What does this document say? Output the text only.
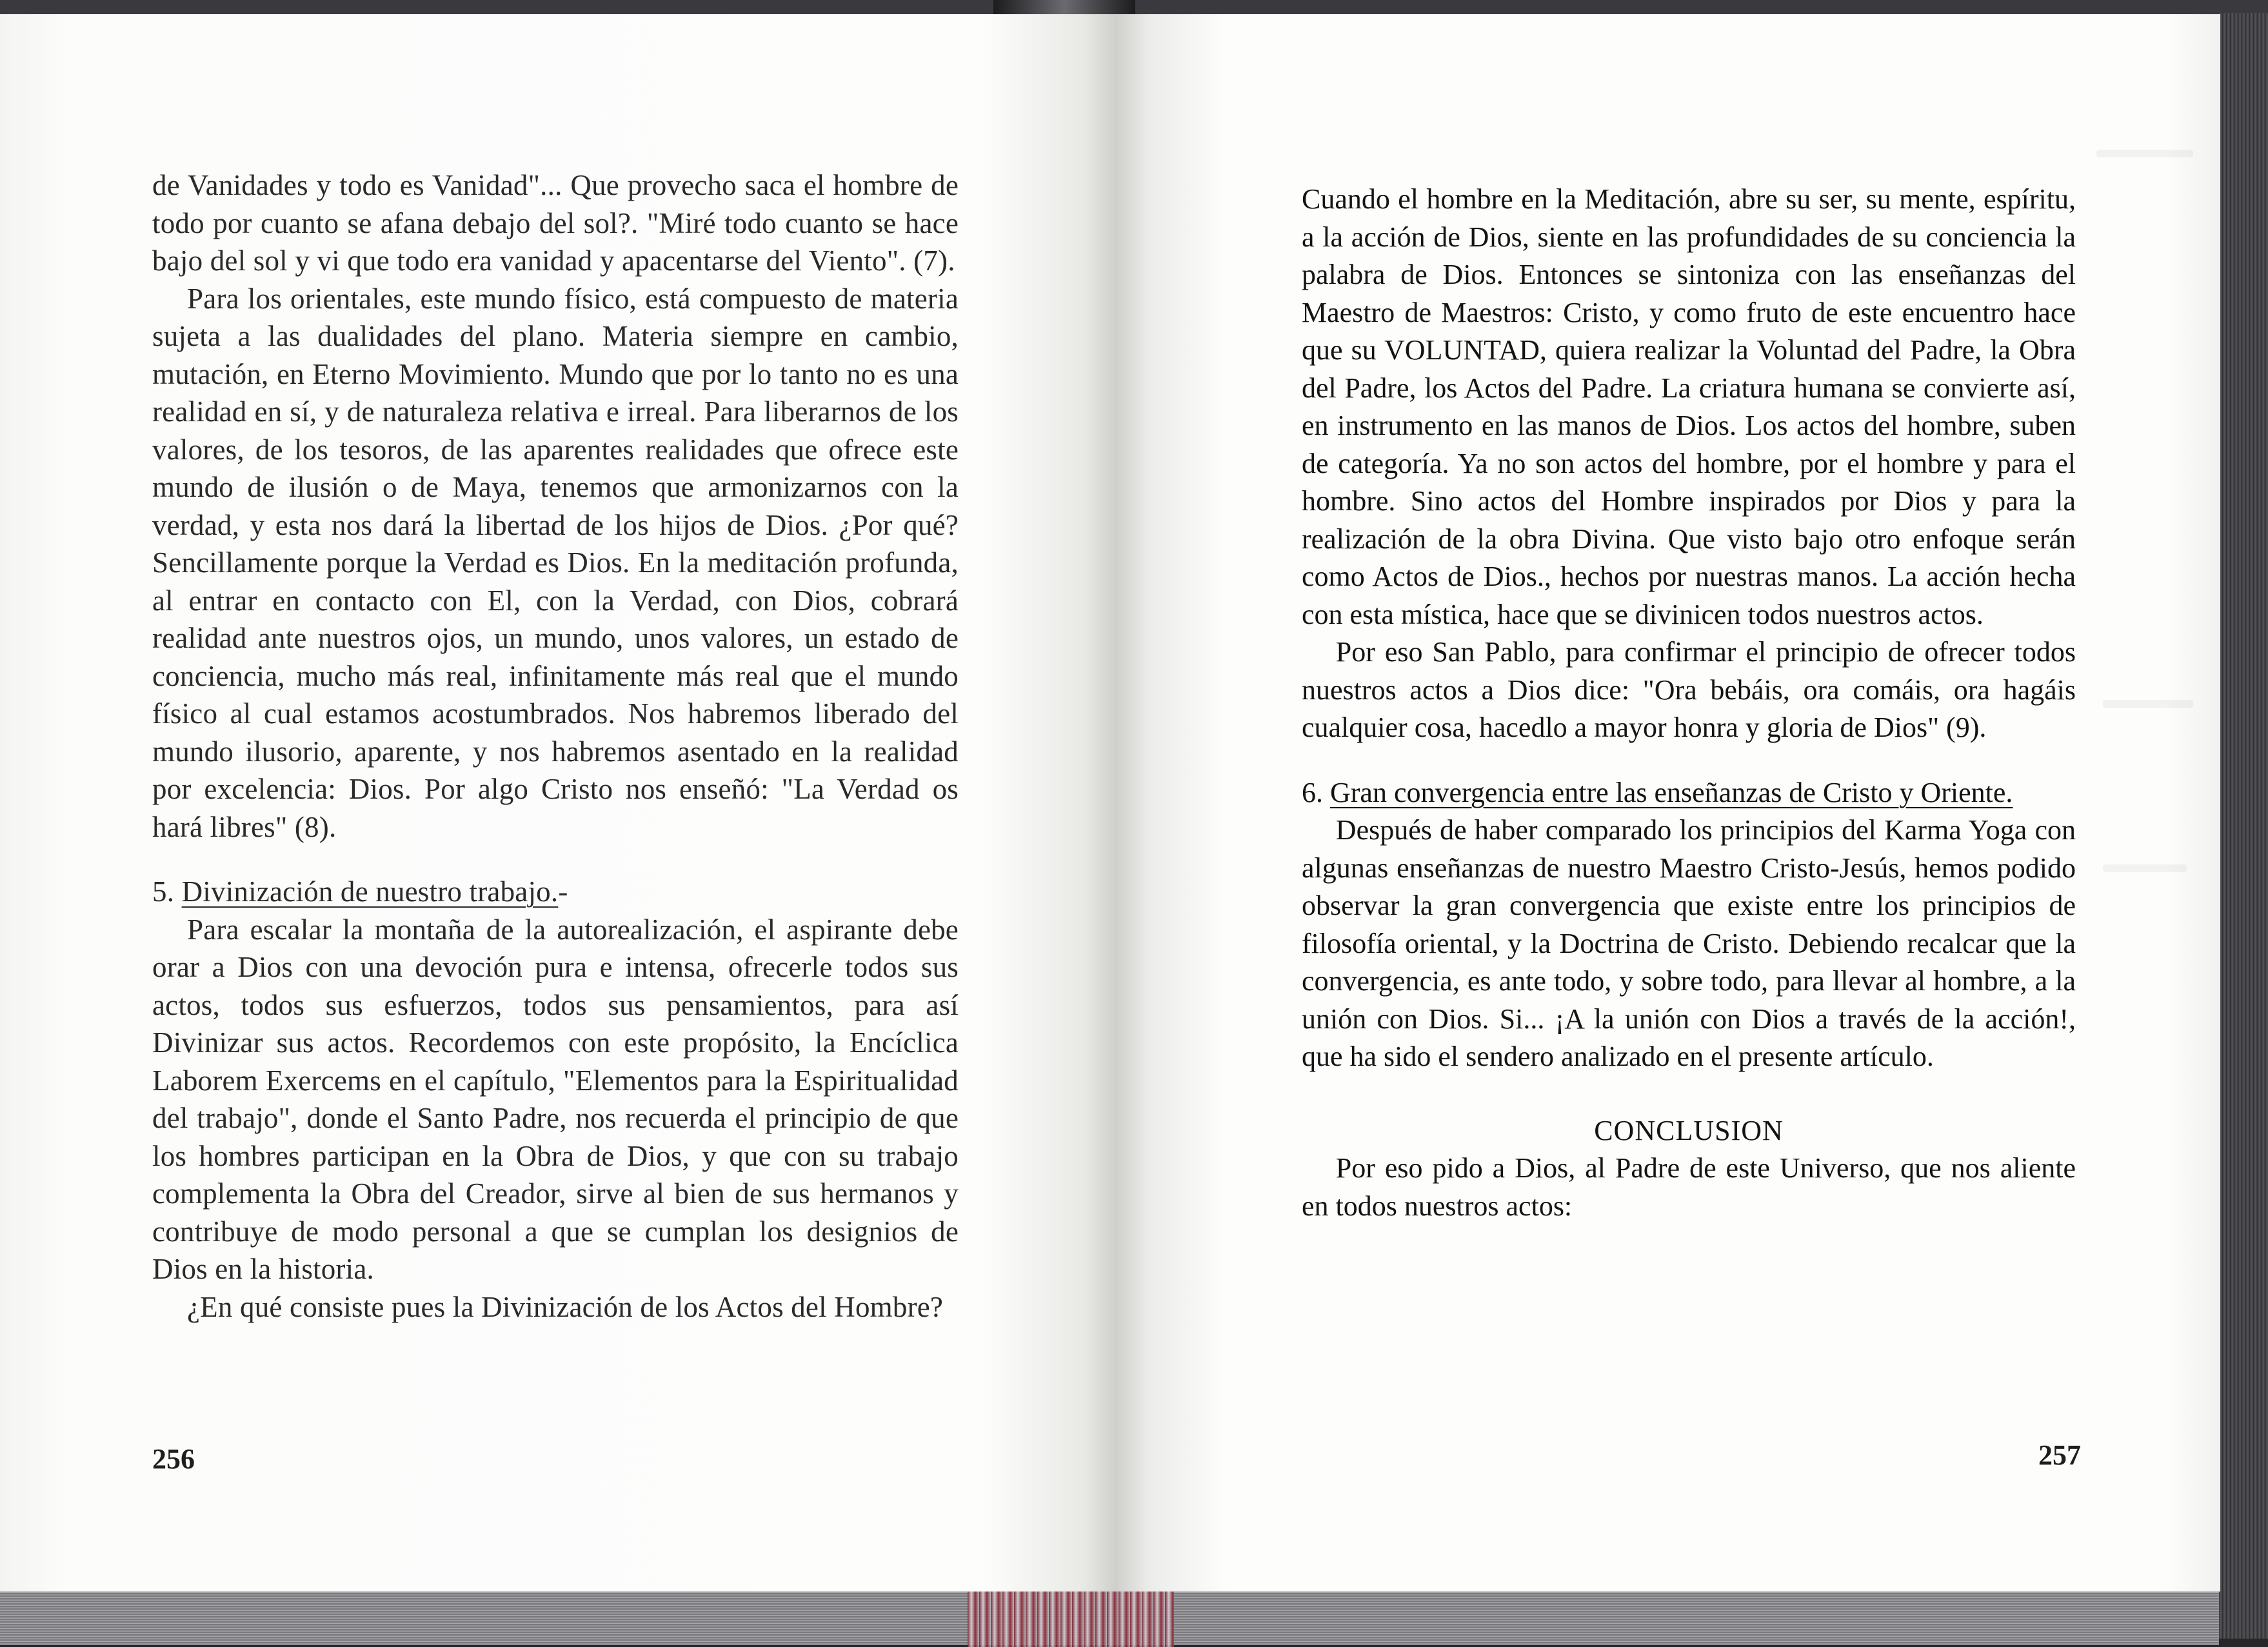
de Vanidades y todo es Vanidad"... Que provecho saca el hombre de todo por cuanto se afana debajo del sol?. "Miré todo cuanto se hace bajo del sol y vi que todo era vanidad y apacentarse del Viento". (7).

Para los orientales, este mundo físico, está compuesto de materia sujeta a las dualidades del plano. Materia siempre en cambio, mutación, en Eterno Movimiento. Mundo que por lo tanto no es una realidad en sí, y de naturaleza relativa e irreal. Para liberarnos de los valores, de los tesoros, de las aparentes realidades que ofrece este mundo de ilusión o de Maya, tenemos que armonizarnos con la verdad, y esta nos dará la libertad de los hijos de Dios. ¿Por qué? Sencillamente porque la Verdad es Dios. En la meditación profunda, al entrar en contacto con El, con la Verdad, con Dios, cobrará realidad ante nuestros ojos, un mundo, unos valores, un estado de conciencia, mucho más real, infinitamente más real que el mundo físico al cual estamos acostumbrados. Nos habremos liberado del mundo ilusorio, aparente, y nos habremos asentado en la realidad por excelencia: Dios. Por algo Cristo nos enseñó: "La Verdad os hará libres" (8).

5. Divinización de nuestro trabajo.-

Para escalar la montaña de la autorealización, el aspirante debe orar a Dios con una devoción pura e intensa, ofrecerle todos sus actos, todos sus esfuerzos, todos sus pensamientos, para así Divinizar sus actos. Recordemos con este propósito, la Encíclica Laborem Exercems en el capítulo, "Elementos para la Espiritualidad del trabajo", donde el Santo Padre, nos recuerda el principio de que los hombres participan en la Obra de Dios, y que con su trabajo complementa la Obra del Creador, sirve al bien de sus hermanos y contribuye de modo personal a que se cumplan los designios de Dios en la historia.

¿En qué consiste pues la Divinización de los Actos del Hombre?

256

Cuando el hombre en la Meditación, abre su ser, su mente, espíritu, a la acción de Dios, siente en las profundidades de su conciencia la palabra de Dios. Entonces se sintoniza con las enseñanzas del Maestro de Maestros: Cristo, y como fruto de este encuentro hace que su VOLUNTAD, quiera realizar la Voluntad del Padre, la Obra del Padre, los Actos del Padre. La criatura humana se convierte así, en instrumento en las manos de Dios. Los actos del hombre, suben de categoría. Ya no son actos del hombre, por el hombre y para el hombre. Sino actos del Hombre inspirados por Dios y para la realización de la obra Divina. Que visto bajo otro enfoque serán como Actos de Dios., hechos por nuestras manos. La acción hecha con esta mística, hace que se divinicen todos nuestros actos.

Por eso San Pablo, para confirmar el principio de ofrecer todos nuestros actos a Dios dice: "Ora bebáis, ora comáis, ora hagáis cualquier cosa, hacedlo a mayor honra y gloria de Dios" (9).

6. Gran convergencia entre las enseñanzas de Cristo y Oriente.

Después de haber comparado los principios del Karma Yoga con algunas enseñanzas de nuestro Maestro Cristo-Jesús, hemos podido observar la gran convergencia que existe entre los principios de filosofía oriental, y la Doctrina de Cristo. Debiendo recalcar que la convergencia, es ante todo, y sobre todo, para llevar al hombre, a la unión con Dios. Si... ¡A la unión con Dios a través de la acción!, que ha sido el sendero analizado en el presente artículo.

CONCLUSION

Por eso pido a Dios, al Padre de este Universo, que nos aliente en todos nuestros actos:

257
